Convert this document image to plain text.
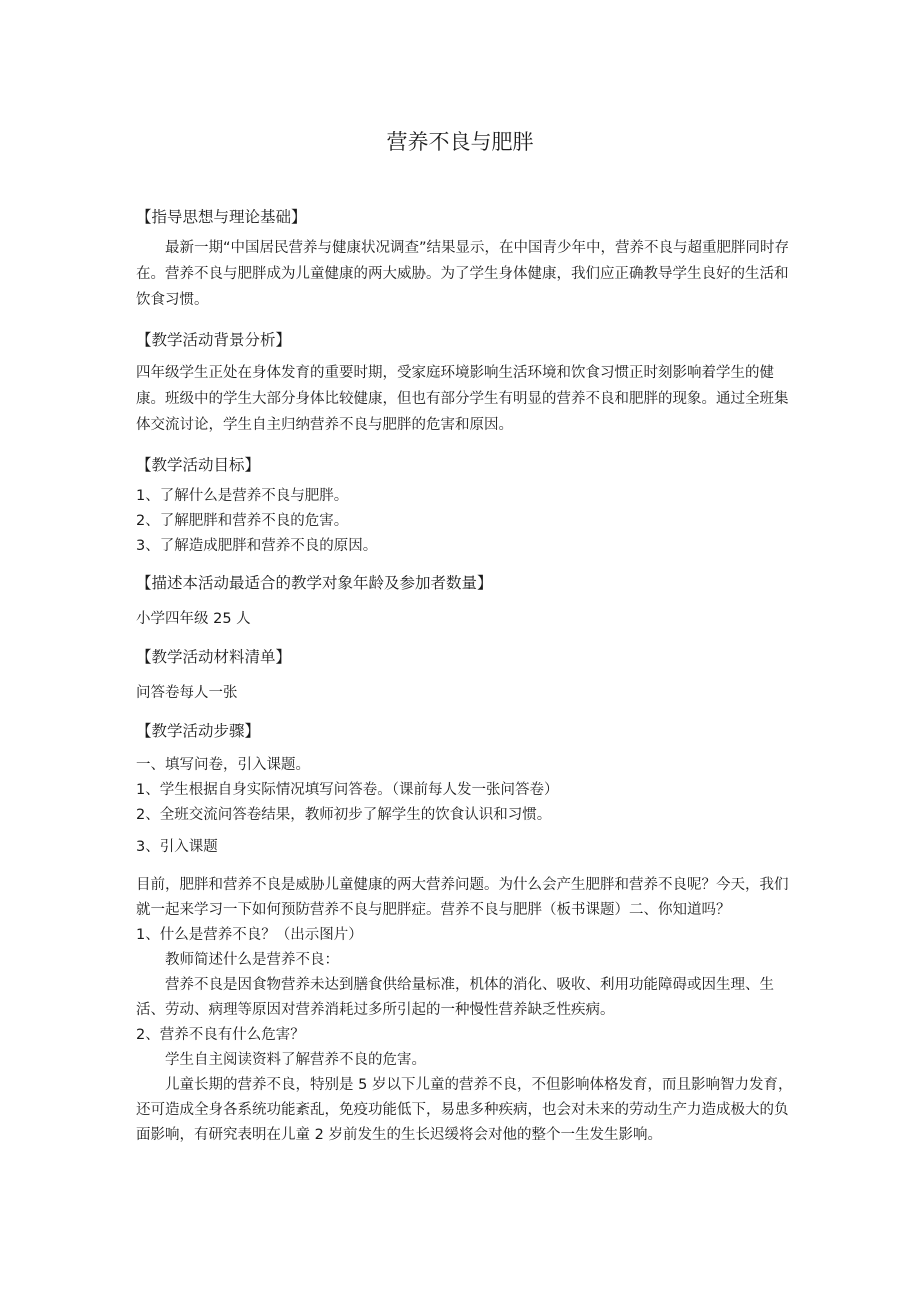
营养不良与肥胖

【指导思想与理论基础】

最新一期“中国居民营养与健康状况调查”结果显示，在中国青少年中，营养不良与超重肥胖同时存在。营养不良与肥胖成为儿童健康的两大威胁。为了学生身体健康，我们应正确教导学生良好的生活和饮食习惯。

【教学活动背景分析】

四年级学生正处在身体发育的重要时期，受家庭环境影响生活环境和饮食习惯正时刻影响着学生的健康。班级中的学生大部分身体比较健康，但也有部分学生有明显的营养不良和肥胖的现象。通过全班集体交流讨论，学生自主归纳营养不良与肥胖的危害和原因。

【教学活动目标】

1、了解什么是营养不良与肥胖。

2、了解肥胖和营养不良的危害。

3、了解造成肥胖和营养不良的原因。

【描述本活动最适合的教学对象年龄及参加者数量】

小学四年级 25 人

【教学活动材料清单】

问答卷每人一张

【教学活动步骤】

一、填写问卷，引入课题。

1、学生根据自身实际情况填写问答卷。（课前每人发一张问答卷）

2、全班交流问答卷结果，教师初步了解学生的饮食认识和习惯。

3、引入课题

目前，肥胖和营养不良是威胁儿童健康的两大营养问题。为什么会产生肥胖和营养不良呢？今天，我们就一起来学习一下如何预防营养不良与肥胖症。营养不良与肥胖（板书课题）二、你知道吗？

1、什么是营养不良？（出示图片）

教师简述什么是营养不良：

营养不良是因食物营养未达到膳食供给量标准，机体的消化、吸收、利用功能障碍或因生理、生活、劳动、病理等原因对营养消耗过多所引起的一种慢性营养缺乏性疾病。

2、营养不良有什么危害？

学生自主阅读资料了解营养不良的危害。

儿童长期的营养不良，特别是 5 岁以下儿童的营养不良，不但影响体格发育，而且影响智力发育，还可造成全身各系统功能紊乱，免疫功能低下，易患多种疾病，也会对未来的劳动生产力造成极大的负面影响，有研究表明在儿童 2 岁前发生的生长迟缓将会对他的整个一生发生影响。
